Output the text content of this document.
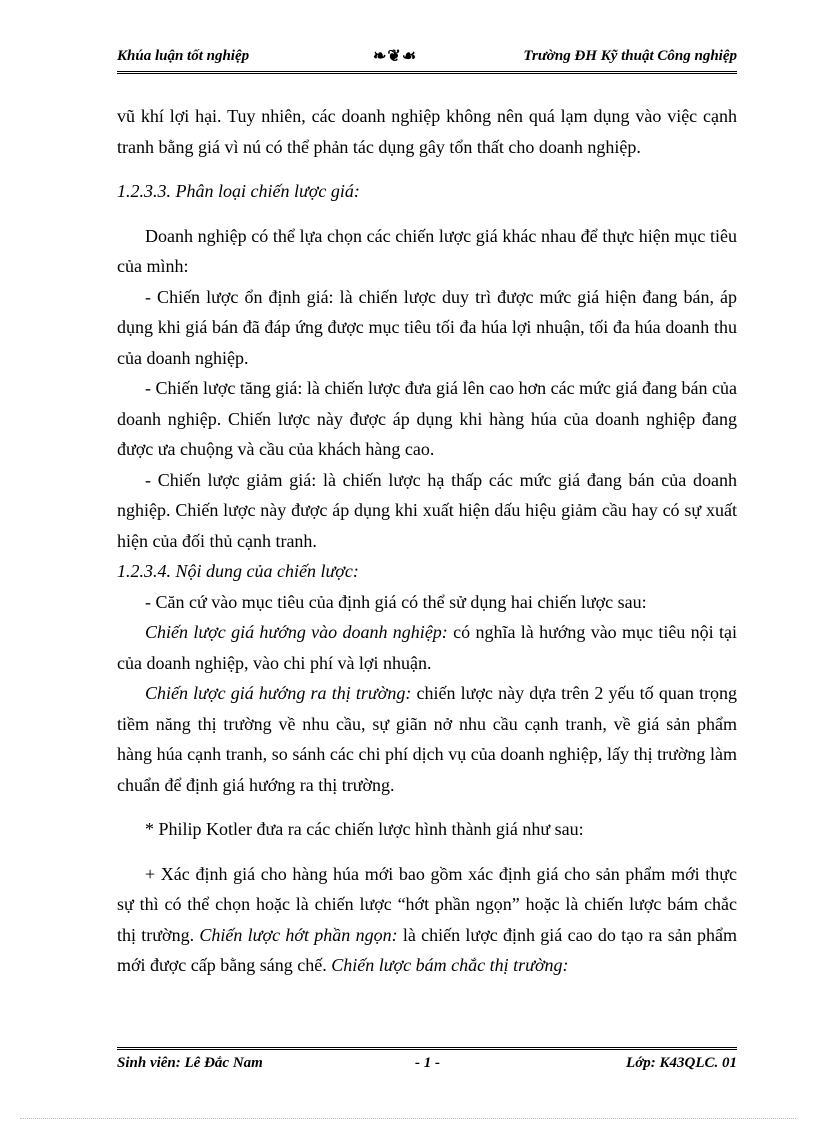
Khúa luận tốt nghiệp	❧❦☙	Trường ĐH Kỹ thuật Công nghiệp

vũ khí lợi hại. Tuy nhiên, các doanh nghiệp không nên quá lạm dụng vào việc cạnh tranh bằng giá vì nú có thể phản tác dụng gây tổn thất cho doanh nghiệp.

1.2.3.3. Phân loại chiến lược giá:

Doanh nghiệp có thể lựa chọn các chiến lược giá khác nhau để thực hiện mục tiêu của mình:

- Chiến lược ổn định giá: là chiến lược duy trì được mức giá hiện đang bán, áp dụng khi giá bán đã đáp ứng được mục tiêu tối đa húa lợi nhuận, tối đa húa doanh thu của doanh nghiệp.

- Chiến lược tăng giá: là chiến lược đưa giá lên cao hơn các mức giá đang bán của doanh nghiệp. Chiến lược này được áp dụng khi hàng húa của doanh nghiệp đang được ưa chuộng và cầu của khách hàng cao.

- Chiến lược giảm giá: là chiến lược hạ thấp các mức giá đang bán của doanh nghiệp. Chiến lược này được áp dụng khi xuất hiện dấu hiệu giảm cầu hay có sự xuất hiện của đối thủ cạnh tranh.

1.2.3.4. Nội dung của chiến lược:

- Căn cứ vào mục tiêu của định giá có thể sử dụng hai chiến lược sau:

Chiến lược giá hướng vào doanh nghiệp: có nghĩa là hướng vào mục tiêu nội tại của doanh nghiệp, vào chi phí và lợi nhuận.

Chiến lược giá hướng ra thị trường: chiến lược này dựa trên 2 yếu tố quan trọng tiềm năng thị trường về nhu cầu, sự giãn nở nhu cầu cạnh tranh, về giá sản phẩm hàng húa cạnh tranh, so sánh các chi phí dịch vụ của doanh nghiệp, lấy thị trường làm chuẩn để định giá hướng ra thị trường.

* Philip Kotler đưa ra các chiến lược hình thành giá như sau:

+ Xác định giá cho hàng húa mới bao gồm xác định giá cho sản phẩm mới thực sự thì có thể chọn hoặc là chiến lược “hớt phần ngọn” hoặc là chiến lược bám chắc thị trường. Chiến lược hớt phần ngọn: là chiến lược định giá cao do tạo ra sản phẩm mới được cấp bằng sáng chế. Chiến lược bám chắc thị trường:

Sinh viên: Lê Đắc Nam	- 1 -	Lớp: K43QLC. 01
